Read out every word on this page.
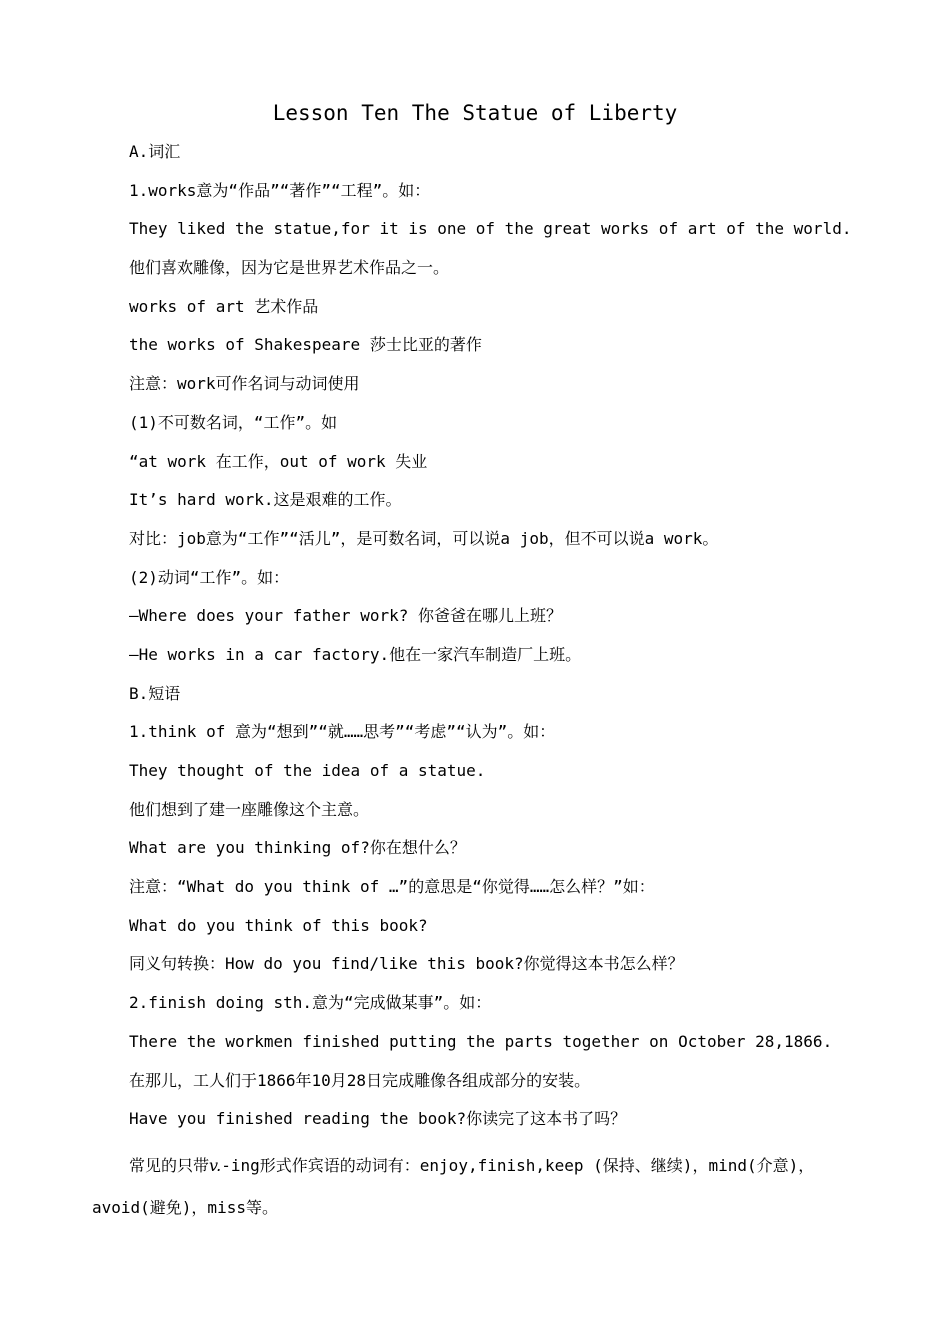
Lesson Ten The Statue of Liberty
A.词汇
1.works意为“作品”“著作”“工程”。如：
They liked the statue,for it is one of the great works of art of the world.
他们喜欢雕像，因为它是世界艺术作品之一。
works of art 艺术作品
the works of Shakespeare 莎士比亚的著作
注意：work可作名词与动词使用
(1)不可数名词，“工作”。如
“at work 在工作，out of work 失业
It’s hard work.这是艰难的工作。
对比：job意为“工作”“活儿”，是可数名词，可以说a job，但不可以说a work。
(2)动词“工作”。如：
—Where does your father work? 你爸爸在哪儿上班？
—He works in a car factory.他在一家汽车制造厂上班。
B.短语
1.think of 意为“想到”“就……思考”“考虑”“认为”。如：
They thought of the idea of a statue.
他们想到了建一座雕像这个主意。
What are you thinking of?你在想什么？
注意：“What do you think of …”的意思是“你觉得……怎么样？”如：
What do you think of this book?
同义句转换：How do you find/like this book?你觉得这本书怎么样？
2.finish doing sth.意为“完成做某事”。如：
There the workmen finished putting the parts together on October 28,1866.
在那儿，工人们于1866年10月28日完成雕像各组成部分的安装。
Have you finished reading the book?你读完了这本书了吗？
常见的只带v.-ing形式作宾语的动词有：enjoy,finish,keep (保持、继续)，mind(介意)，avoid(避免)，miss等。
